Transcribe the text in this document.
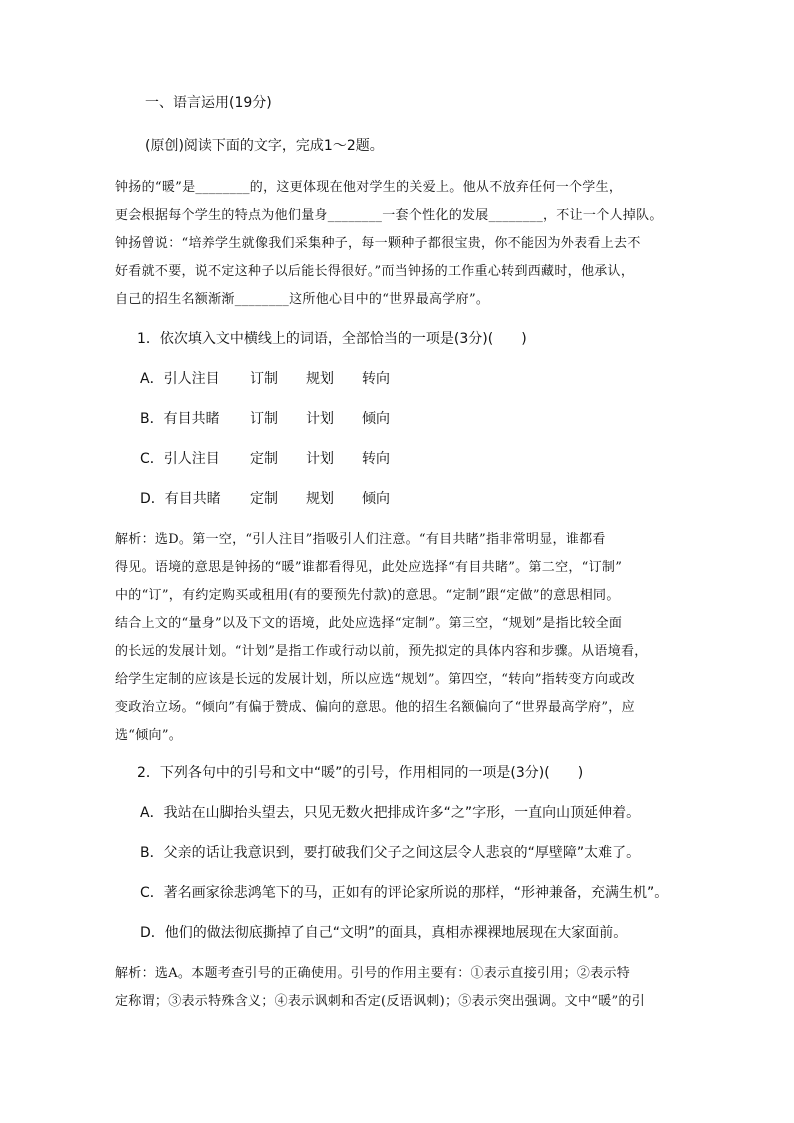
一、语言运用(19分)
(原创)阅读下面的文字，完成1～2题。
钟扬的“暖”是________的，这更体现在他对学生的关爱上。他从不放弃任何一个学生，
更会根据每个学生的特点为他们量身________一套个性化的发展________，不让一个人掉队。
钟扬曾说：“培养学生就像我们采集种子，每一颗种子都很宝贵，你不能因为外表看上去不
好看就不要，说不定这种子以后能长得很好。”而当钟扬的工作重心转到西藏时，他承认，
自己的招生名额渐渐________这所他心目中的“世界最高学府”。
1．依次填入文中横线上的词语，全部恰当的一项是(3分)(　　)
A．引人注目 订制 规划 转向
B．有目共睹 订制 计划 倾向
C．引人注目 定制 计划 转向
D．有目共睹 定制 规划 倾向
解析：选D。第一空，“引人注目”指吸引人们注意。“有目共睹”指非常明显，谁都看
得见。语境的意思是钟扬的“暖”谁都看得见，此处应选择“有目共睹”。第二空，“订制”
中的“订”，有约定购买或租用(有的要预先付款)的意思。“定制”跟“定做”的意思相同。
结合上文的“量身”以及下文的语境，此处应选择“定制”。第三空，“规划”是指比较全面
的长远的发展计划。“计划”是指工作或行动以前，预先拟定的具体内容和步骤。从语境看，
给学生定制的应该是长远的发展计划，所以应选“规划”。第四空，“转向”指转变方向或改
变政治立场。“倾向”有偏于赞成、偏向的意思。他的招生名额偏向了“世界最高学府”，应
选“倾向”。
2．下列各句中的引号和文中“暖”的引号，作用相同的一项是(3分)(　　)
A．我站在山脚抬头望去，只见无数火把排成许多“之”字形，一直向山顶延伸着。
B．父亲的话让我意识到，要打破我们父子之间这层令人悲哀的“厚壁障”太难了。
C．著名画家徐悲鸿笔下的马，正如有的评论家所说的那样，“形神兼备，充满生机”。
D．他们的做法彻底撕掉了自己“文明”的面具，真相赤裸裸地展现在大家面前。
解析：选A。本题考查引号的正确使用。引号的作用主要有：①表示直接引用；②表示特
定称谓；③表示特殊含义；④表示讽刺和否定(反语讽刺)；⑤表示突出强调。文中“暖”的引
